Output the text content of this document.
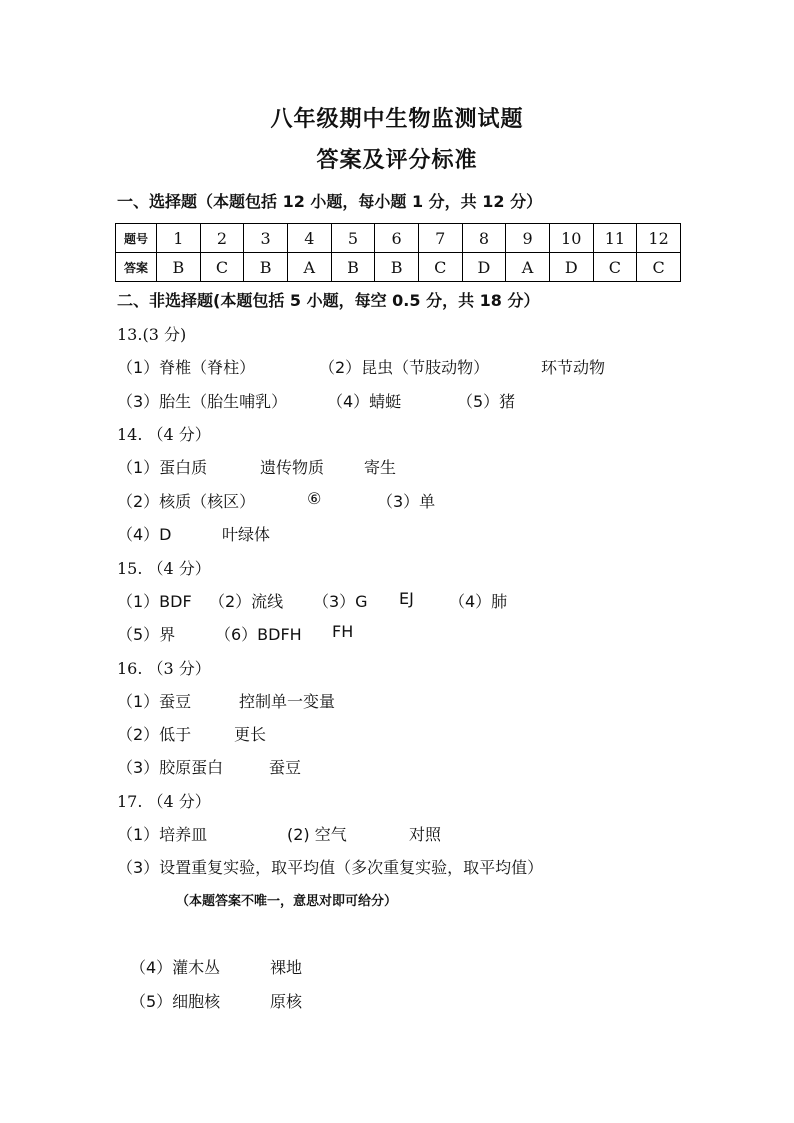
八年级期中生物监测试题
答案及评分标准
一、选择题（本题包括 12 小题，每小题 1 分，共 12 分）
题号	1	2	3	4	5	6	7	8	9	10	11	12
答案	B	C	B	A	B	B	C	D	A	D	C	C
二、非选择题(本题包括 5 小题，每空 0.5 分，共 18 分）
13.(3 分)
（1）脊椎（脊柱）	（2）昆虫（节肢动物）	环节动物
（3）胎生（胎生哺乳） （4）蜻蜓	（5）猪
14. （4 分）
（1）蛋白质	遗传物质 寄生
（2）核质（核区）	⑥	（3）单
（4）D	叶绿体
15. （4 分）
（1）BDF （2）流线 （3）G EJ （4）肺
（5）界 （6）BDFH FH
16. （3 分）
（1）蚕豆	控制单一变量
（2）低于	更长
（3）胶原蛋白	蚕豆
17. （4 分）
（1）培养皿	(2) 空气	对照
（3）设置重复实验，取平均值（多次重复实验，取平均值）
（本题答案不唯一，意思对即可给分）
（4）灌木丛	裸地
（5）细胞核	原核
